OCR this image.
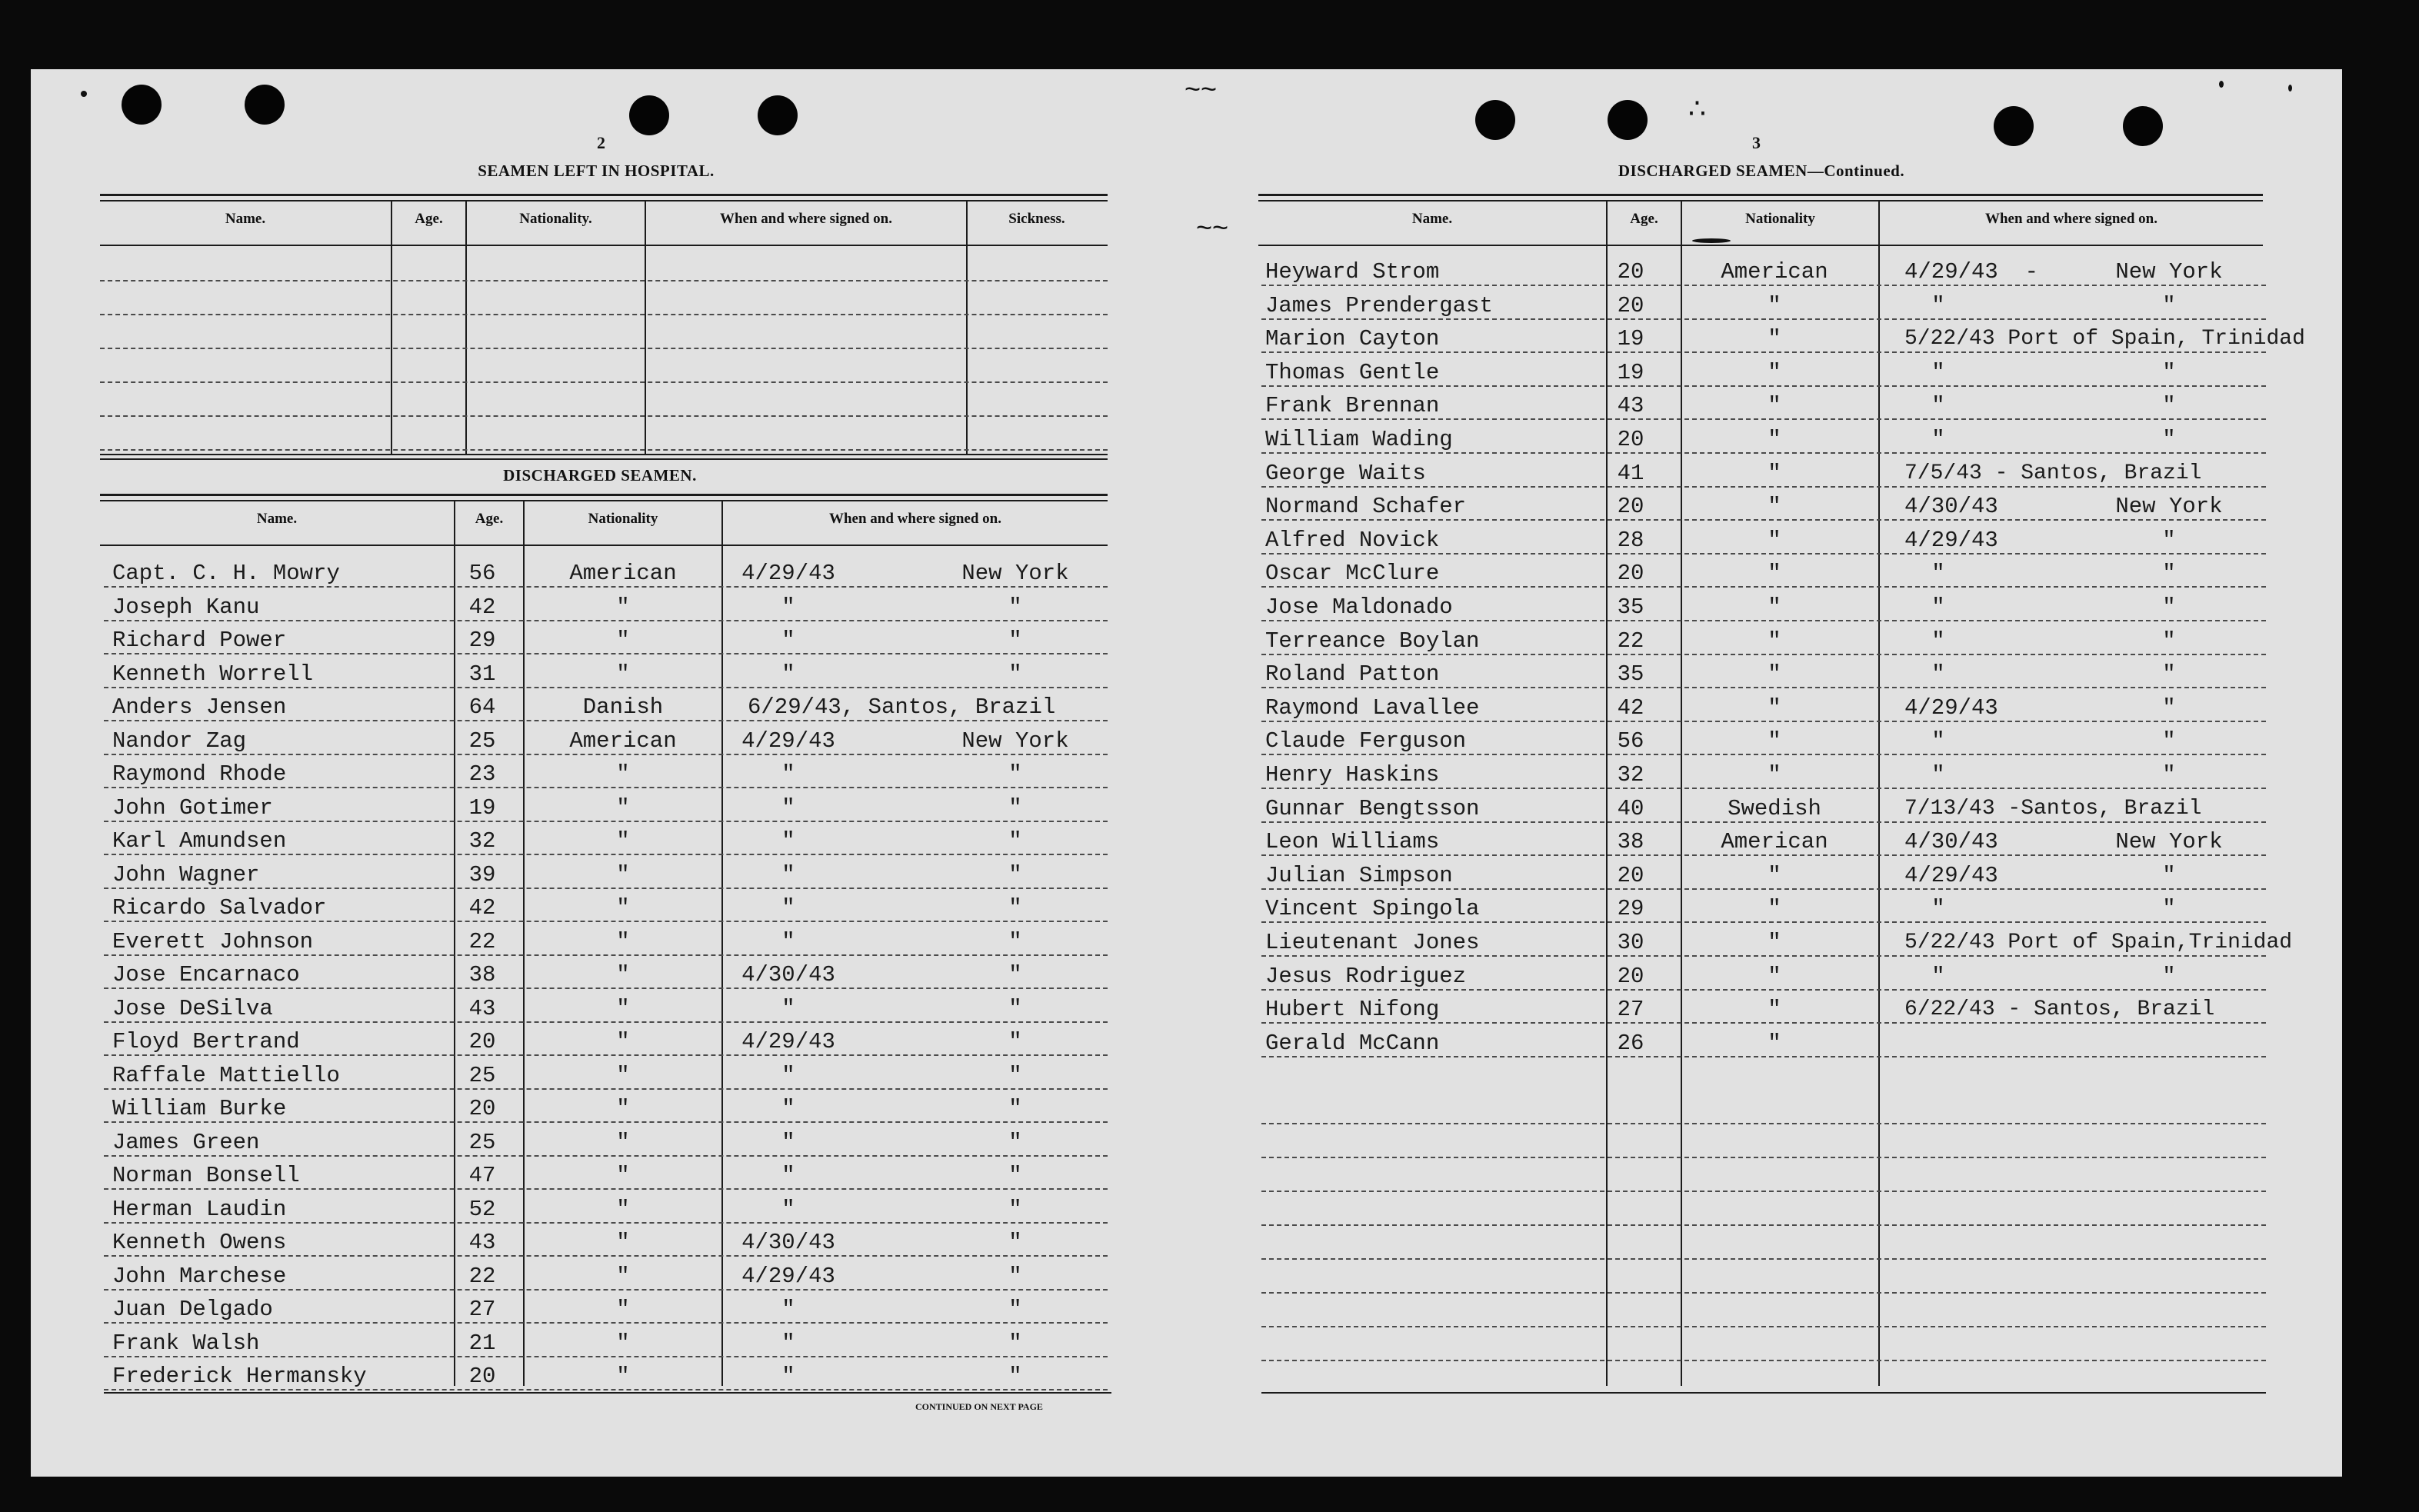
~~
~~
∴
2
SEAMEN LEFT IN HOSPITAL.
Name.	Age.	Nationality.	When and where signed on.	Sickness.
DISCHARGED SEAMEN.
Name.	Age.	Nationality	When and where signed on.
Capt. C. H. Mowry	56	American	4/29/43	New York
Joseph Kanu	42	"	"	"
Richard Power	29	"	"	"
Kenneth Worrell	31	"	"	"
Anders Jensen	64	Danish	6/29/43, Santos, Brazil
Nandor Zag	25	American	4/29/43	New York
Raymond Rhode	23	"	"	"
John Gotimer	19	"	"	"
Karl Amundsen	32	"	"	"
John Wagner	39	"	"	"
Ricardo Salvador	42	"	"	"
Everett Johnson	22	"	"	"
Jose Encarnaco	38	"	4/30/43	"
Jose DeSilva	43	"	"	"
Floyd Bertrand	20	"	4/29/43	"
Raffale Mattiello	25	"	"	"
William Burke	20	"	"	"
James Green	25	"	"	"
Norman Bonsell	47	"	"	"
Herman Laudin	52	"	"	"
Kenneth Owens	43	"	4/30/43	"
John Marchese	22	"	4/29/43	"
Juan Delgado	27	"	"	"
Frank Walsh	21	"	"	"
Frederick Hermansky	20	"	"	"
CONTINUED ON NEXT PAGE
3
DISCHARGED SEAMEN—Continued.
Name.	Age.	Nationality	When and where signed on.
Heyward Strom	20	American	4/29/43  -	New York
James Prendergast	20	"	"	"
Marion Cayton	19	"	5/22/43 Port of Spain, Trinidad
Thomas Gentle	19	"	"	"
Frank Brennan	43	"	"	"
William Wading	20	"	"	"
George Waits	41	"	7/5/43 - Santos, Brazil
Normand Schafer	20	"	4/30/43	New York
Alfred Novick	28	"	4/29/43	"
Oscar McClure	20	"	"	"
Jose Maldonado	35	"	"	"
Terreance Boylan	22	"	"	"
Roland Patton	35	"	"	"
Raymond Lavallee	42	"	4/29/43	"
Claude Ferguson	56	"	"	"
Henry Haskins	32	"	"	"
Gunnar Bengtsson	40	Swedish	7/13/43 -Santos, Brazil
Leon Williams	38	American	4/30/43	New York
Julian Simpson	20	"	4/29/43	"
Vincent Spingola	29	"	"	"
Lieutenant Jones	30	"	5/22/43 Port of Spain,Trinidad
Jesus Rodriguez	20	"	"	"
Hubert Nifong	27	"	6/22/43 - Santos, Brazil
Gerald McCann	26	"
